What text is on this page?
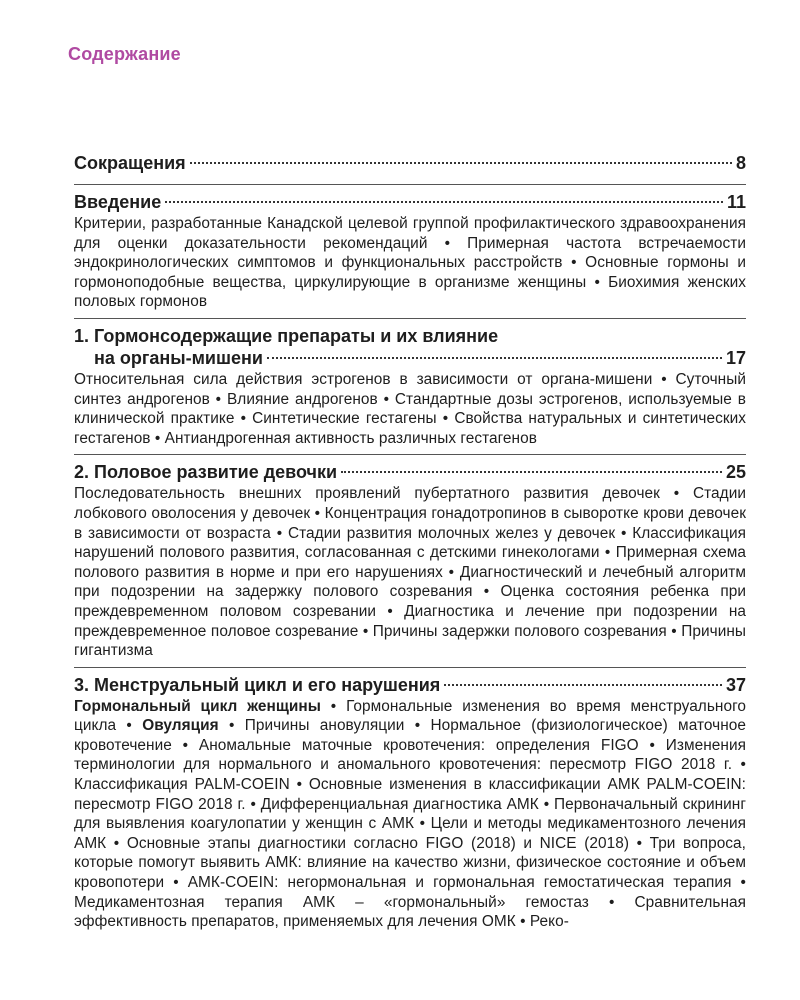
Содержание
Сокращения	8
Введение	11
Критерии, разработанные Канадской целевой группой профилактического здравоохранения для оценки доказательности рекомендаций • Примерная частота встречаемости эндокринологических симптомов и функциональных расстройств • Основные гормоны и гормоноподобные вещества, циркулирующие в организме женщины • Биохимия женских половых гормонов
1. Гормонсодержащие препараты и их влияние
на органы-мишени	17
Относительная сила действия эстрогенов в зависимости от органа-мишени • Суточный синтез андрогенов • Влияние андрогенов • Стандартные дозы эстрогенов, используемые в клинической практике • Синтетические гестагены • Свойства натуральных и синтетических гестагенов • Антиандрогенная активность различных гестагенов
2. Половое развитие девочки	25
Последовательность внешних проявлений пубертатного развития девочек • Стадии лобкового оволосения у девочек • Концентрация гонадотропинов в сыворотке крови девочек в зависимости от возраста • Стадии развития молочных желез у девочек • Классификация нарушений полового развития, согласованная с детскими гинекологами • Примерная схема полового развития в норме и при его нарушениях • Диагностический и лечебный алгоритм при подозрении на задержку полового созревания • Оценка состояния ребенка при преждевременном половом созревании • Диагностика и лечение при подозрении на преждевременное половое созревание • Причины задержки полового созревания • Причины гигантизма
3. Менструальный цикл и его нарушения	37
Гормональный цикл женщины • Гормональные изменения во время менструального цикла • Овуляция • Причины ановуляции • Нормальное (физиологическое) маточное кровотечение • Аномальные маточные кровотечения: определения FIGO • Изменения терминологии для нормального и аномального кровотечения: пересмотр FIGO 2018 г. • Классификация PALM-COEIN • Основные изменения в классификации АМК PALM-COEIN: пересмотр FIGO 2018 г. • Дифференциальная диагностика АМК • Первоначальный скрининг для выявления коагулопатии у женщин с АМК • Цели и методы медикаментозного лечения АМК • Основные этапы диагностики согласно FIGO (2018) и NICE (2018) • Три вопроса, которые помогут выявить АМК: влияние на качество жизни, физическое состояние и объем кровопотери • АМК-COEIN: негормональная и гормональная гемостатическая терапия • Медикаментозная терапия АМК – «гормональный» гемостаз • Сравнительная эффективность препаратов, применяемых для лечения ОМК • Реко-
